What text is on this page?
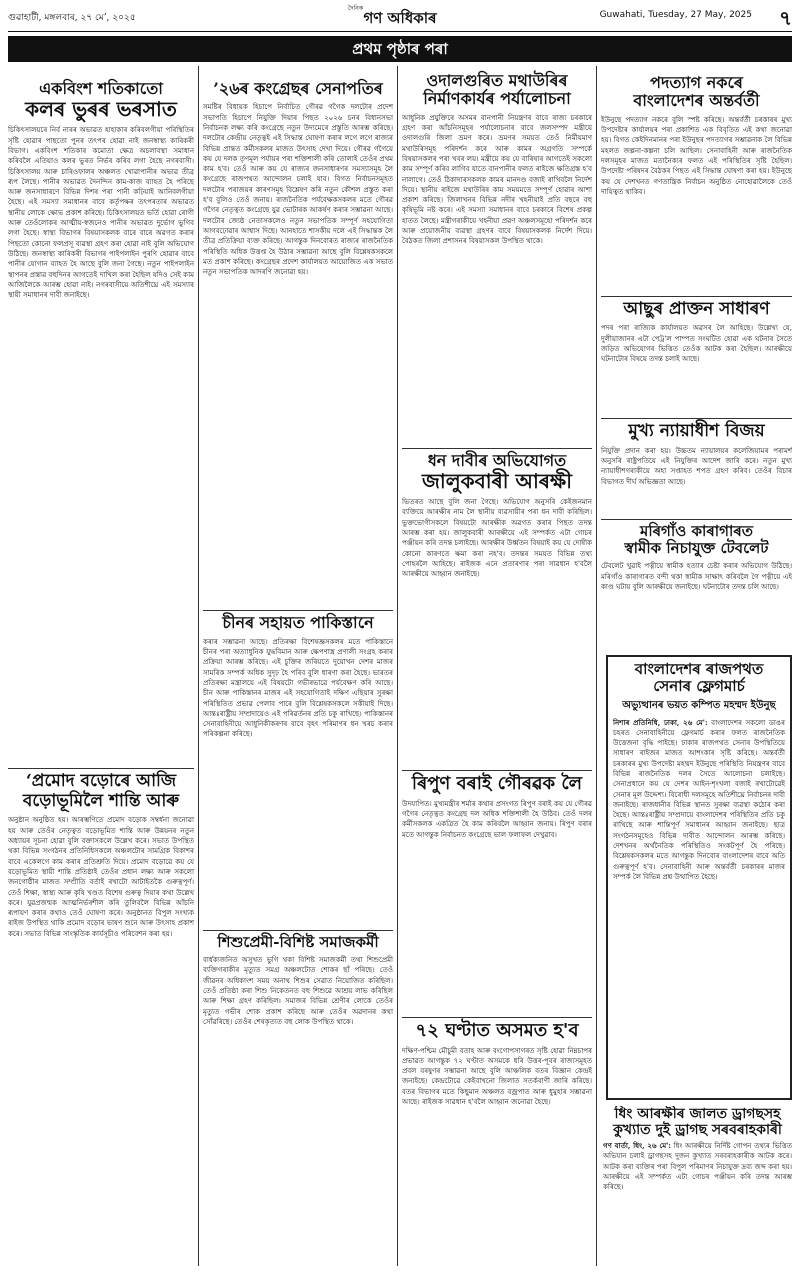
গুৱাহাটী, মঙ্গলবাৰ, ২৭ মে’, ২০২৫	Guwahati, Tuesday, 27 May, 2025 ৭
দৈনিক
গণ অধিকাৰ
প্ৰথম পৃষ্ঠাৰ পৰা
একবিংশ শতিকাতো
কলৰ ভুৰৰ ভৰসাত
চিকিৎসালয়ৰে নিৰ্ব নাৰৰ অভাৱত হাহাকাৰ কৰিবলগীয়া পৰিস্থিতিৰ সৃষ্টি হোৱাৰ পাছতো পুনৰ তৎপৰ হোৱা নাই জনস্বাস্থ্য কাৰিকৰী বিভাগ। একবিংশ শতিকাৰ কমোতা ক্ষেত্ৰ অচলাবস্থা সমাধান কৰিবলৈ এতিয়াও কলৰ ভুৰত নিৰ্ভৰ কৰিব লগা হৈছে নগৰবাসী। চিকিৎসালয় আৰু চাৰিওফালৰ অঞ্চলত খোৱাপানীৰ অভাৱ তীব্ৰ ৰূপ লৈছে। পানীৰ অভাৱত দৈনন্দিন কাম-কাজ ব্যাহত হৈ পৰিছে আৰু জনসাধাৰণে বিভিন্ন দিশৰ পৰা পানী কঢ়িয়াই আনিবলগীয়া হৈছে। এই সমস্যা সমাধানৰ বাবে কৰ্তৃপক্ষৰ তৎপৰতাৰ অভাৱত স্থানীয় লোকে ক্ষোভ প্ৰকাশ কৰিছে। চিকিৎসালয়ত ভৰ্তি হোৱা ৰোগী আৰু তেওঁলোকৰ আত্মীয়-স্বজনেও পানীৰ অভাৱত দুৰ্ভোগ ভুগিব লগা হৈছে। স্বাস্থ্য বিভাগৰ বিষয়াসকলক বাৰে বাৰে অৱগত কৰাৰ পিছতো কোনো ফলপ্ৰসূ ব্যৱস্থা গ্ৰহণ কৰা হোৱা নাই বুলি অভিযোগ উঠিছে। জনস্বাস্থ্য কাৰিকৰী বিভাগৰ পাইপলাইন পুৰণি হোৱাৰ বাবে পানীৰ যোগান ব্যাহত হৈ আছে বুলি জনা গৈছে। নতুন পাইপলাইন স্থাপনৰ প্ৰস্তাৱ বহুদিনৰ আগতেই দাখিল কৰা হৈছিল যদিও সেই কাম আজিলৈকে আৰম্ভ হোৱা নাই। নগৰবাসীয়ে অতিশীঘ্ৰে এই সমস্যাৰ স্থায়ী সমাধানৰ দাবী জনাইছে।
‘প্ৰমোদ বড়োৰে আজি
বড়োভূমিলৈ শান্তি আৰু
অনুষ্ঠান অনুষ্ঠিত হয়। আৰম্ভণিতে প্ৰমোদ বড়োক সম্বৰ্ধনা জনোৱা হয় আৰু তেওঁৰ নেতৃত্বত বড়োভূমিত শান্তি আৰু উন্নয়নৰ নতুন অধ্যায়ৰ সূচনা হোৱা বুলি বক্তাসকলে উল্লেখ কৰে। সভাত উপস্থিত থকা বিভিন্ন সংগঠনৰ প্ৰতিনিধিসকলে অঞ্চলটোৰ সামগ্ৰিক বিকাশৰ বাবে একেলগে কাম কৰাৰ প্ৰতিশ্ৰুতি দিয়ে। প্ৰমোদ বড়োৱে কয় যে বড়োভূমিত স্থায়ী শান্তি প্ৰতিষ্ঠাই তেওঁৰ প্ৰধান লক্ষ্য আৰু সকলো জনগোষ্ঠীৰ মাজত সম্প্ৰীতি বৰ্তাই ৰখাটো আটাইতকৈ গুৰুত্বপূৰ্ণ। তেওঁ শিক্ষা, স্বাস্থ্য আৰু কৃষি খণ্ডত বিশেষ গুৰুত্ব দিয়াৰ কথা উল্লেখ কৰে। যুৱপ্ৰজন্মক আত্মনিৰ্ভৰশীল কৰি তুলিবলৈ বিভিন্ন আঁচনি ৰূপায়ণ কৰাৰ কথাও তেওঁ ঘোষণা কৰে। অনুষ্ঠানত বিপুল সংখ্যক ৰাইজ উপস্থিত থাকি প্ৰমোদ বড়োৰ ভাষণ শুনে আৰু উৎসাহ প্ৰকাশ কৰে। সভাত বিভিন্ন সাংস্কৃতিক কাৰ্যসূচীও পৰিবেশন কৰা হয়।
’২৬ৰ কংগ্ৰেছৰ সেনাপতিৰ
সমষ্টিৰ বিধায়ক হিচাপে নিৰ্বাচিত গৌৰৱ গগৈক দলটোৰ প্ৰদেশ সভাপতি হিচাপে নিযুক্তি দিয়াৰ পিছত ২০২৬ চনৰ বিধানসভা নিৰ্বাচনক লক্ষ্য কৰি কংগ্ৰেছে নতুন উদ্যমেৰে প্ৰস্তুতি আৰম্ভ কৰিছে। দলটোৰ কেন্দ্ৰীয় নেতৃত্বই এই সিদ্ধান্ত ঘোষণা কৰাৰ লগে লগে ৰাজ্যৰ বিভিন্ন প্ৰান্তত কৰ্মীসকলৰ মাজত উৎসাহ দেখা দিয়ে। গৌৰৱ গগৈয়ে কয় যে দলক তৃণমূল পৰ্যায়ৰ পৰা শক্তিশালী কৰি তোলাই তেওঁৰ প্ৰথম কাম হ'ব। তেওঁ আৰু কয় যে ৰাজ্যৰ জনসাধাৰণৰ সমস্যাসমূহ লৈ কংগ্ৰেছে ৰাজপথত আন্দোলন চলাই যাব। বিগত নিৰ্বাচনসমূহত দলটোৰ পৰাজয়ৰ কাৰণসমূহ বিশ্লেষণ কৰি নতুন কৌশল প্ৰস্তুত কৰা হ'ব বুলিও তেওঁ জনায়। ৰাজনৈতিক পৰ্যবেক্ষকসকলৰ মতে গৌৰৱ গগৈৰ নেতৃত্বত কংগ্ৰেছে যুৱ ভোটাৰক আকৰ্ষণ কৰাৰ সম্ভাৱনা আছে। দলটোৰ জ্যেষ্ঠ নেতাসকলেও নতুন সভাপতিক সম্পূৰ্ণ সহযোগিতা আগবঢ়োৱাৰ আশ্বাস দিছে। আনহাতে শাসকীয় দলে এই সিদ্ধান্তক লৈ তীব্ৰ প্ৰতিক্ৰিয়া ব্যক্ত কৰিছে। আগন্তুক দিনবোৰত ৰাজ্যৰ ৰাজনৈতিক পৰিস্থিতি অধিক উত্তপ্ত হৈ উঠাৰ সম্ভাৱনা আছে বুলি বিশ্লেষকসকলে মত প্ৰকাশ কৰিছে। কংগ্ৰেছৰ প্ৰদেশ কাৰ্যালয়ত আয়োজিত এক সভাত নতুন সভাপতিক আদৰণি জনোৱা হয়।
চীনৰ সহায়ত পাকিস্তানে
কৰাৰ সম্ভাৱনা আছে। প্ৰতিৰক্ষা বিশেষজ্ঞসকলৰ মতে পাকিস্তানে চীনৰ পৰা অত্যাধুনিক যুদ্ধবিমান আৰু ক্ষেপণাস্ত্ৰ প্ৰণালী সংগ্ৰহ কৰাৰ প্ৰক্ৰিয়া আৰম্ভ কৰিছে। এই চুক্তিৰ জৰিয়তে দুয়োখন দেশৰ মাজৰ সামৰিক সম্পৰ্ক অধিক সুদৃঢ় হৈ পৰিব বুলি ধাৰণা কৰা হৈছে। ভাৰতৰ প্ৰতিৰক্ষা মন্ত্ৰালয়ে এই বিষয়টো গভীৰভাৱে পৰ্যবেক্ষণ কৰি আছে। চীন আৰু পাকিস্তানৰ মাজৰ এই সহযোগিতাই দক্ষিণ এছিয়াৰ সুৰক্ষা পৰিস্থিতিত প্ৰভাৱ পেলাব পাৰে বুলি বিশ্লেষকসকলে সকীয়াই দিছে। আন্তঃৰাষ্ট্ৰীয় সম্প্ৰদায়েও এই পৰিৱৰ্তনৰ প্ৰতি চকু ৰাখিছে। পাকিস্তানৰ সেনাবাহিনীয়ে আধুনিকীকৰণৰ বাবে বৃহৎ পৰিমাণৰ ধন খৰচ কৰাৰ পৰিকল্পনা কৰিছে।
শিশুপ্ৰেমী-বিশিষ্ট সমাজকৰ্মী
বাৰ্ধক্যজনিত অসুখত ভুগি থকা বিশিষ্ট সমাজকৰ্মী তথা শিশুপ্ৰেমী ব্যক্তিগৰাকীৰ মৃত্যুত সমগ্ৰ অঞ্চলটোত শোকৰ ছাঁ পৰিছে। তেওঁ জীৱনৰ অধিকাংশ সময় অনাথ শিশুৰ সেৱাত নিয়োজিত কৰিছিল। তেওঁ প্ৰতিষ্ঠা কৰা শিশু নিকেতনত বহু শিশুৱে আশ্ৰয় লাভ কৰিছিল আৰু শিক্ষা গ্ৰহণ কৰিছিল। সমাজৰ বিভিন্ন শ্ৰেণীৰ লোকে তেওঁৰ মৃত্যুত গভীৰ শোক প্ৰকাশ কৰিছে আৰু তেওঁৰ অৱদানৰ কথা সোঁৱৰিছে। তেওঁৰ শেষকৃত্যত বহু লোক উপস্থিত থাকে।
ওদালগুৰিত মথাউৰিৰ
নিৰ্মাণকাৰ্যৰ পৰ্যালোচনা
আধুনিক প্ৰযুক্তিৰে অসমৰ বানপানী নিয়ন্ত্ৰণৰ বাবে ৰাজ্য চৰকাৰে গ্ৰহণ কৰা আঁচনিসমূহৰ পৰ্যালোচনাৰ বাবে জলসম্পদ মন্ত্ৰীয়ে ওদালগুৰি জিলা ভ্ৰমণ কৰে। ভ্ৰমণৰ সময়ত তেওঁ নিৰ্মীয়মাণ মথাউৰিসমূহ পৰিদৰ্শন কৰে আৰু কামৰ অগ্ৰগতি সম্পৰ্কে বিষয়াসকলৰ পৰা খবৰ লয়। মন্ত্ৰীয়ে কয় যে বাৰিষাৰ আগতেই সকলো কাম সম্পূৰ্ণ কৰিব লাগিব যাতে বানপানীৰ ফলত ৰাইজে ক্ষতিগ্ৰস্ত হ'ব নালাগে। তেওঁ ঠিকাদাৰসকলক কামৰ মানদণ্ড বজাই ৰাখিবলৈ নিৰ্দেশ দিয়ে। স্থানীয় ৰাইজে মথাউৰিৰ কাম সময়মতে সম্পূৰ্ণ হোৱাৰ আশা প্ৰকাশ কৰিছে। জিলাখনৰ বিভিন্ন নদীৰ খহনীয়াই প্ৰতি বছৰে বহু কৃষিভূমি নষ্ট কৰে। এই সমস্যা সমাধানৰ বাবে চৰকাৰে বিশেষ প্ৰকল্প হাতত লৈছে। মন্ত্ৰীগৰাকীয়ে খহনীয়া প্ৰৱণ অঞ্চলসমূহো পৰিদৰ্শন কৰে আৰু প্ৰয়োজনীয় ব্যৱস্থা গ্ৰহণৰ বাবে বিষয়াসকলক নিৰ্দেশ দিয়ে। বৈঠকত জিলা প্ৰশাসনৰ বিষয়াসকল উপস্থিত থাকে।
ধন দাবীৰ অভিযোগত
জালুকবাৰী আৰক্ষী
ভিতৰত আছে বুলি জনা গৈছে। অভিযোগ অনুসৰি কেইজনমান ব্যক্তিয়ে আৰক্ষীৰ নাম লৈ স্থানীয় ব্যৱসায়ীৰ পৰা ধন দাবী কৰিছিল। ভুক্তভোগীসকলে বিষয়টো আৰক্ষীক অৱগত কৰাৰ পিছত তদন্ত আৰম্ভ কৰা হয়। জালুকবাৰী আৰক্ষীয়ে এই সম্পৰ্কত এটা গোচৰ পঞ্জীয়ন কৰি তদন্ত চলাইছে। আৰক্ষীৰ উৰ্ধ্বতন বিষয়াই কয় যে দোষীক কোনো কাৰণতে ক্ষমা কৰা নহ'ব। তদন্তৰ সময়ত বিভিন্ন তথ্য পোহৰলৈ আহিছে। ৰাইজক এনে প্ৰতাৰণাৰ পৰা সাৱধান হ'বলৈ আৰক্ষীয়ে আহ্বান জনাইছে।
ৰিপুণ বৰাই গৌৰৱক লৈ
উদযাপিত। মুখ্যমন্ত্ৰীৰ শৰ্মাৰ কথাৰ প্ৰসংগত ৰিপুণ বৰাই কয় যে গৌৰৱ গগৈৰ নেতৃত্বত কংগ্ৰেছ দল অধিক শক্তিশালী হৈ উঠিব। তেওঁ দলৰ কৰ্মীসকলক একত্ৰিত হৈ কাম কৰিবলৈ আহ্বান জনায়। ৰিপুণ বৰাৰ মতে আগন্তুক নিৰ্বাচনত কংগ্ৰেছে ভাল ফলাফল দেখুৱাব।
৭২ ঘণ্টাত অসমত হ'ব
দক্ষিণ-পশ্চিম মৌচুমী বতাহ আৰু বংগোপসাগৰত সৃষ্টি হোৱা নিম্নচাপৰ প্ৰভাৱত আগন্তুক ৭২ ঘণ্টাত অসমকে ধৰি উত্তৰ-পূবৰ ৰাজ্যসমূহত প্ৰবল বৰষুণৰ সম্ভাৱনা আছে বুলি আঞ্চলিক বতৰ বিজ্ঞান কেন্দ্ৰই জনাইছে। কেন্দ্ৰটোৱে কেইবাখনো জিলাত সতৰ্কবাণী জাৰি কৰিছে। বতৰ বিভাগৰ মতে কিছুমান অঞ্চলত বজ্ৰপাত আৰু ধুমুহাৰ সম্ভাৱনা আছে। ৰাইজক সাৱধান হ'বলৈ আহ্বান জনোৱা হৈছে।
পদত্যাগ নকৰে
বাংলাদেশৰ অন্তৰ্বৰ্তী
ইউনুছে পদত্যাগ নকৰে বুলি স্পষ্ট কৰিছে। অন্তৰ্বৰ্তী চৰকাৰৰ মুখ্য উপদেষ্টাৰ কাৰ্যালয়ৰ পৰা প্ৰকাশিত এক বিবৃতিত এই কথা জনোৱা হয়। বিগত কেইদিনমানৰ পৰা ইউনুছৰ পদত্যাগৰ সম্ভাৱনাক লৈ বিভিন্ন মহলত জল্পনা-কল্পনা চলি আছিল। সেনাবাহিনী আৰু ৰাজনৈতিক দলসমূহৰ মাজত মতানৈক্যৰ ফলত এই পৰিস্থিতিৰ সৃষ্টি হৈছিল। উপদেষ্টা পৰিষদৰ বৈঠকৰ পিছত এই সিদ্ধান্ত ঘোষণা কৰা হয়। ইউনুছে কয় যে দেশখনত গণতান্ত্ৰিক নিৰ্বাচন অনুষ্ঠিত নোহোৱালৈকে তেওঁ দায়িত্বত থাকিব।
আছুৰ প্ৰাক্তন সাধাৰণ
পদৰ পৰা ৰাজ্যিক কাৰ্যালয়ত অৱসৰ লৈ আহিছে। উল্লেখ্য যে, দুলীয়াজানৰ এটা পেট্ৰ'ল পাম্পত সংঘটিত হোৱা এক ঘটনাৰ সৈতে জড়িত অভিযোগৰ ভিত্তিত তেওঁক আটক কৰা হৈছিল। আৰক্ষীয়ে ঘটনাটোৰ বিষয়ে তদন্ত চলাই আছে।
মুখ্য ন্যায়াধীশ বিজয়
নিযুক্তি প্ৰদান কৰা হয়। উচ্চতম ন্যায়ালয়ৰ কলেজিয়ামৰ পৰামৰ্শ অনুসৰি ৰাষ্ট্ৰপতিয়ে এই নিযুক্তিৰ আদেশ জাৰি কৰে। নতুন মুখ্য ন্যায়াধীশগৰাকীয়ে অহা সপ্তাহত শপত গ্ৰহণ কৰিব। তেওঁৰ বিচাৰ বিভাগত দীৰ্ঘ অভিজ্ঞতা আছে।
মৰিগাঁও কাৰাগাৰত
স্বামীক নিচাযুক্ত টেবলেট
টেবলেট খুৱাই পত্নীয়ে স্বামীক হত্যাৰ চেষ্টা কৰাৰ অভিযোগ উঠিছে। মৰিগাঁও কাৰাগাৰত বন্দী থকা স্বামীক সাক্ষাৎ কৰিবলৈ গৈ পত্নীয়ে এই কাণ্ড ঘটায় বুলি আৰক্ষীয়ে জনাইছে। ঘটনাটোৰ তদন্ত চলি আছে।
বাংলাদেশৰ ৰাজপথত
সেনাৰ ফ্লেগমাৰ্চ
অভ্যুত্থানৰ ভয়ত কম্পিত মহম্মদ ইউনুছ
নিশাৰ প্ৰতিনিধি, ঢাকা, ২৬ মে': বাংলাদেশৰ সকলো ডাঙৰ চহৰত সেনাবাহিনীয়ে ফ্লেগমাৰ্চ কৰাৰ ফলত ৰাজনৈতিক উত্তেজনা বৃদ্ধি পাইছে। ঢাকাৰ ৰাজপথত সেনাৰ উপস্থিতিয়ে সাধাৰণ ৰাইজৰ মাজত আশংকাৰ সৃষ্টি কৰিছে। অন্তৰ্বৰ্তী চৰকাৰৰ মুখ্য উপদেষ্টা মহম্মদ ইউনুছে পৰিস্থিতি নিয়ন্ত্ৰণৰ বাবে বিভিন্ন ৰাজনৈতিক দলৰ সৈতে আলোচনা চলাইছে। সেনাপ্ৰধানে কয় যে দেশৰ আইন-শৃংখলা বজাই ৰখাটোৱেই সেনাৰ মূল উদ্দেশ্য। বিৰোধী দলসমূহে অতিশীঘ্ৰে নিৰ্বাচনৰ দাবী জনাইছে। ৰাজধানীৰ বিভিন্ন স্থানত সুৰক্ষা ব্যৱস্থা কঠোৰ কৰা হৈছে। আন্তঃৰাষ্ট্ৰীয় সম্প্ৰদায়ে বাংলাদেশৰ পৰিস্থিতিৰ প্ৰতি চকু ৰাখিছে আৰু শান্তিপূৰ্ণ সমাধানৰ আহ্বান জনাইছে। ছাত্ৰ সংগঠনসমূহেও বিভিন্ন দাবীত আন্দোলন আৰম্ভ কৰিছে। দেশখনৰ অৰ্থনৈতিক পৰিস্থিতিও সংকটপূৰ্ণ হৈ পৰিছে। বিশ্লেষকসকলৰ মতে আগন্তুক দিনবোৰ বাংলাদেশৰ বাবে অতি গুৰুত্বপূৰ্ণ হ'ব। সেনাবাহিনী আৰু অন্তৰ্বৰ্তী চৰকাৰৰ মাজৰ সম্পৰ্ক লৈ বিভিন্ন প্ৰশ্ন উত্থাপিত হৈছে।
ধিং আৰক্ষীৰ জালত ড্ৰাগছসহ
কুখ্যাত দুই ড্ৰাগছ সৰবৰাহকাৰী
গণ বাৰ্তা, ধিং, ২৬ মে': ধিং আৰক্ষীয়ে নিৰ্দিষ্ট গোপন তথ্যৰ ভিত্তিত অভিযান চলাই ড্ৰাগছসহ দুজন কুখ্যাত সৰবৰাহকাৰীক আটক কৰে। আটক কৰা ব্যক্তিৰ পৰা বিপুল পৰিমাণৰ নিচাযুক্ত দ্ৰব্য জব্দ কৰা হয়। আৰক্ষীয়ে এই সম্পৰ্কত এটা গোচৰ পঞ্জীয়ন কৰি তদন্ত আৰম্ভ কৰিছে।
